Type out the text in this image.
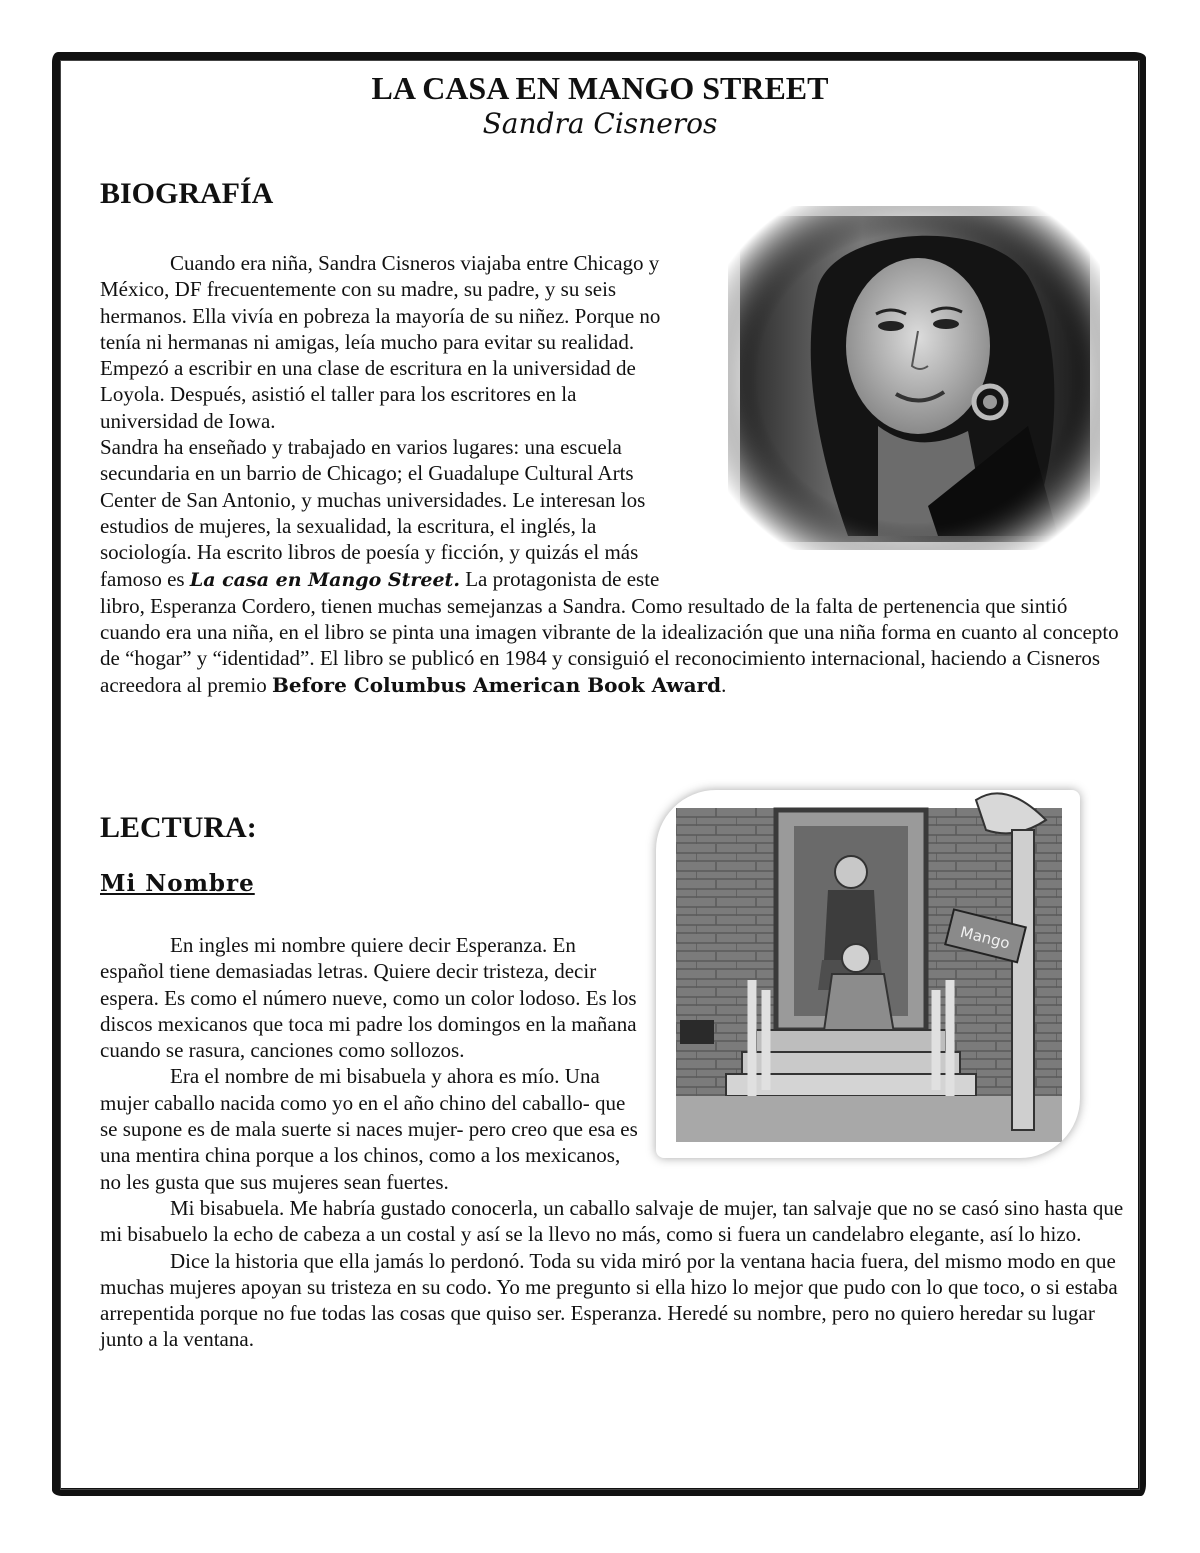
LA CASA EN MANGO STREET
Sandra Cisneros
BIOGRAFÍA

Cuando era niña, Sandra Cisneros viajaba entre Chicago y México, DF frecuentemente con su madre, su padre, y su seis hermanos. Ella vivía en pobreza la mayoría de su niñez. Porque no tenía ni hermanas ni amigas, leía mucho para evitar su realidad. Empezó a escribir en una clase de escritura en la universidad de Loyola. Después, asistió el taller para los escritores en la universidad de Iowa.

Sandra ha enseñado y trabajado en varios lugares: una escuela secundaria en un barrio de Chicago; el Guadalupe Cultural Arts Center de San Antonio, y muchas universidades. Le interesan los estudios de mujeres, la sexualidad, la escritura, el inglés, la sociología. Ha escrito libros de poesía y ficción, y quizás el más famoso es La casa en Mango Street. La protagonista de este libro, Esperanza Cordero, tienen muchas semejanzas a Sandra. Como resultado de la falta de pertenencia que sintió cuando era una niña, en el libro se pinta una imagen vibrante de la idealización que una niña forma en cuanto al concepto de “hogar” y “identidad”. El libro se publicó en 1984 y consiguió el reconocimiento internacional, haciendo a Cisneros acreedora al premio Before Columbus American Book Award.

LECTURA:
Mi Nombre
Mango

En ingles mi nombre quiere decir Esperanza. En español tiene demasiadas letras. Quiere decir tristeza, decir espera. Es como el número nueve, como un color lodoso. Es los discos mexicanos que toca mi padre los domingos en la mañana cuando se rasura, canciones como sollozos.

Era el nombre de mi bisabuela y ahora es mío. Una mujer caballo nacida como yo en el año chino del caballo- que se supone es de mala suerte si naces mujer- pero creo que esa es una mentira china porque a los chinos, como a los mexicanos, no les gusta que sus mujeres sean fuertes.

Mi bisabuela. Me habría gustado conocerla, un caballo salvaje de mujer, tan salvaje que no se casó sino hasta que mi bisabuelo la echo de cabeza a un costal y así se la llevo no más, como si fuera un candelabro elegante, así lo hizo.

Dice la historia que ella jamás lo perdonó. Toda su vida miró por la ventana hacia fuera, del mismo modo en que muchas mujeres apoyan su tristeza en su codo. Yo me pregunto si ella hizo lo mejor que pudo con lo que toco, o si estaba arrepentida porque no fue todas las cosas que quiso ser. Esperanza. Heredé su nombre, pero no quiero heredar su lugar junto a la ventana.
